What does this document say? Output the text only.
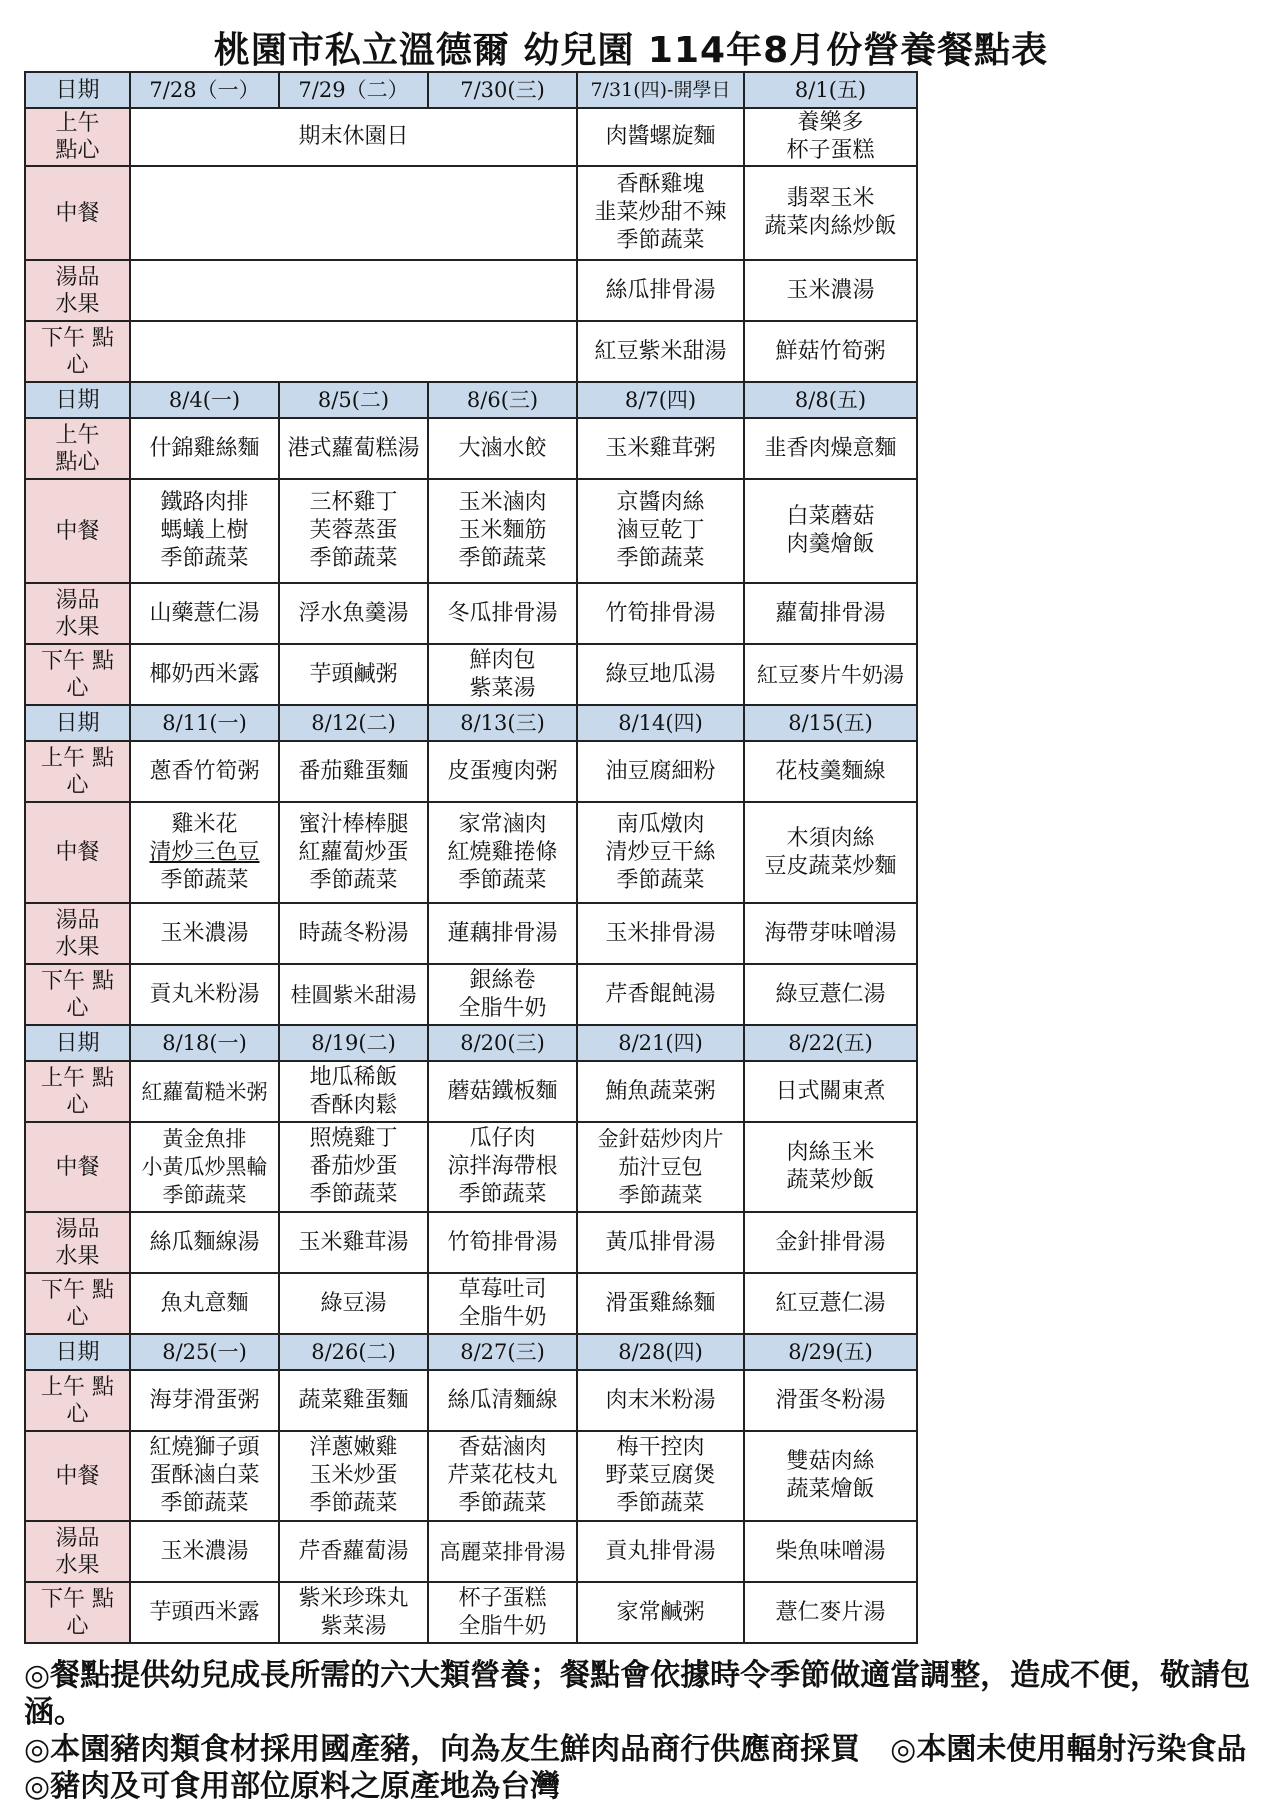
桃園市私立溫德爾 幼兒園 114年8月份營養餐點表
日期	7/28（一）	7/29（二）	7/30(三)	7/31(四)-開學日	8/1(五)

上午
點心	期末休園日			肉醬螺旋麵	養樂多
杯子蛋糕

中餐				香酥雞塊
韭菜炒甜不辣
季節蔬菜	翡翠玉米
蔬菜肉絲炒飯

湯品
水果				絲瓜排骨湯	玉米濃湯

下午 點
心				紅豆紫米甜湯	鮮菇竹筍粥

日期	8/4(一)	8/5(二)	8/6(三)	8/7(四)	8/8(五)

上午
點心	什錦雞絲麵	港式蘿蔔糕湯	大滷水餃	玉米雞茸粥	韭香肉燥意麵

中餐	鐵路肉排
螞蟻上樹
季節蔬菜	三杯雞丁
芙蓉蒸蛋
季節蔬菜	玉米滷肉
玉米麵筋
季節蔬菜	京醬肉絲
滷豆乾丁
季節蔬菜	白菜蘑菇
肉羹燴飯

湯品
水果	山藥薏仁湯	浮水魚羹湯	冬瓜排骨湯	竹筍排骨湯	蘿蔔排骨湯

下午 點
心	椰奶西米露	芋頭鹹粥	鮮肉包
紫菜湯	綠豆地瓜湯	紅豆麥片牛奶湯

日期	8/11(一)	8/12(二)	8/13(三)	8/14(四)	8/15(五)

上午 點
心	蔥香竹筍粥	番茄雞蛋麵	皮蛋瘦肉粥	油豆腐細粉	花枝羹麵線

中餐	雞米花
清炒三色豆
季節蔬菜	蜜汁棒棒腿
紅蘿蔔炒蛋
季節蔬菜	家常滷肉
紅燒雞捲條
季節蔬菜	南瓜燉肉
清炒豆干絲
季節蔬菜	木須肉絲
豆皮蔬菜炒麵

湯品
水果	玉米濃湯	時蔬冬粉湯	蓮藕排骨湯	玉米排骨湯	海帶芽味噌湯

下午 點
心	貢丸米粉湯	桂圓紫米甜湯	銀絲卷
全脂牛奶	芹香餛飩湯	綠豆薏仁湯

日期	8/18(一)	8/19(二)	8/20(三)	8/21(四)	8/22(五)

上午 點
心	紅蘿蔔糙米粥	地瓜稀飯
香酥肉鬆	蘑菇鐵板麵	鮪魚蔬菜粥	日式關東煮

中餐	黃金魚排
小黃瓜炒黑輪
季節蔬菜	照燒雞丁
番茄炒蛋
季節蔬菜	瓜仔肉
涼拌海帶根
季節蔬菜	金針菇炒肉片
茄汁豆包
季節蔬菜	肉絲玉米
蔬菜炒飯

湯品
水果	絲瓜麵線湯	玉米雞茸湯	竹筍排骨湯	黃瓜排骨湯	金針排骨湯

下午 點
心	魚丸意麵	綠豆湯	草莓吐司
全脂牛奶	滑蛋雞絲麵	紅豆薏仁湯

日期	8/25(一)	8/26(二)	8/27(三)	8/28(四)	8/29(五)

上午 點
心	海芽滑蛋粥	蔬菜雞蛋麵	絲瓜清麵線	肉末米粉湯	滑蛋冬粉湯

中餐	紅燒獅子頭
蛋酥滷白菜
季節蔬菜	洋蔥嫩雞
玉米炒蛋
季節蔬菜	香菇滷肉
芹菜花枝丸
季節蔬菜	梅干控肉
野菜豆腐煲
季節蔬菜	雙菇肉絲
蔬菜燴飯

湯品
水果	玉米濃湯	芹香蘿蔔湯	高麗菜排骨湯	貢丸排骨湯	柴魚味噌湯

下午 點
心	芋頭西米露	紫米珍珠丸
紫菜湯	杯子蛋糕
全脂牛奶	家常鹹粥	薏仁麥片湯

◎餐點提供幼兒成長所需的六大類營養；餐點會依據時令季節做適當調整，造成不便，敬請包涵。

◎本園豬肉類食材採用國產豬，向為友生鮮肉品商行供應商採買　◎本園未使用輻射污染食品 ◎豬肉及可食用部位原料之原產地為台灣
